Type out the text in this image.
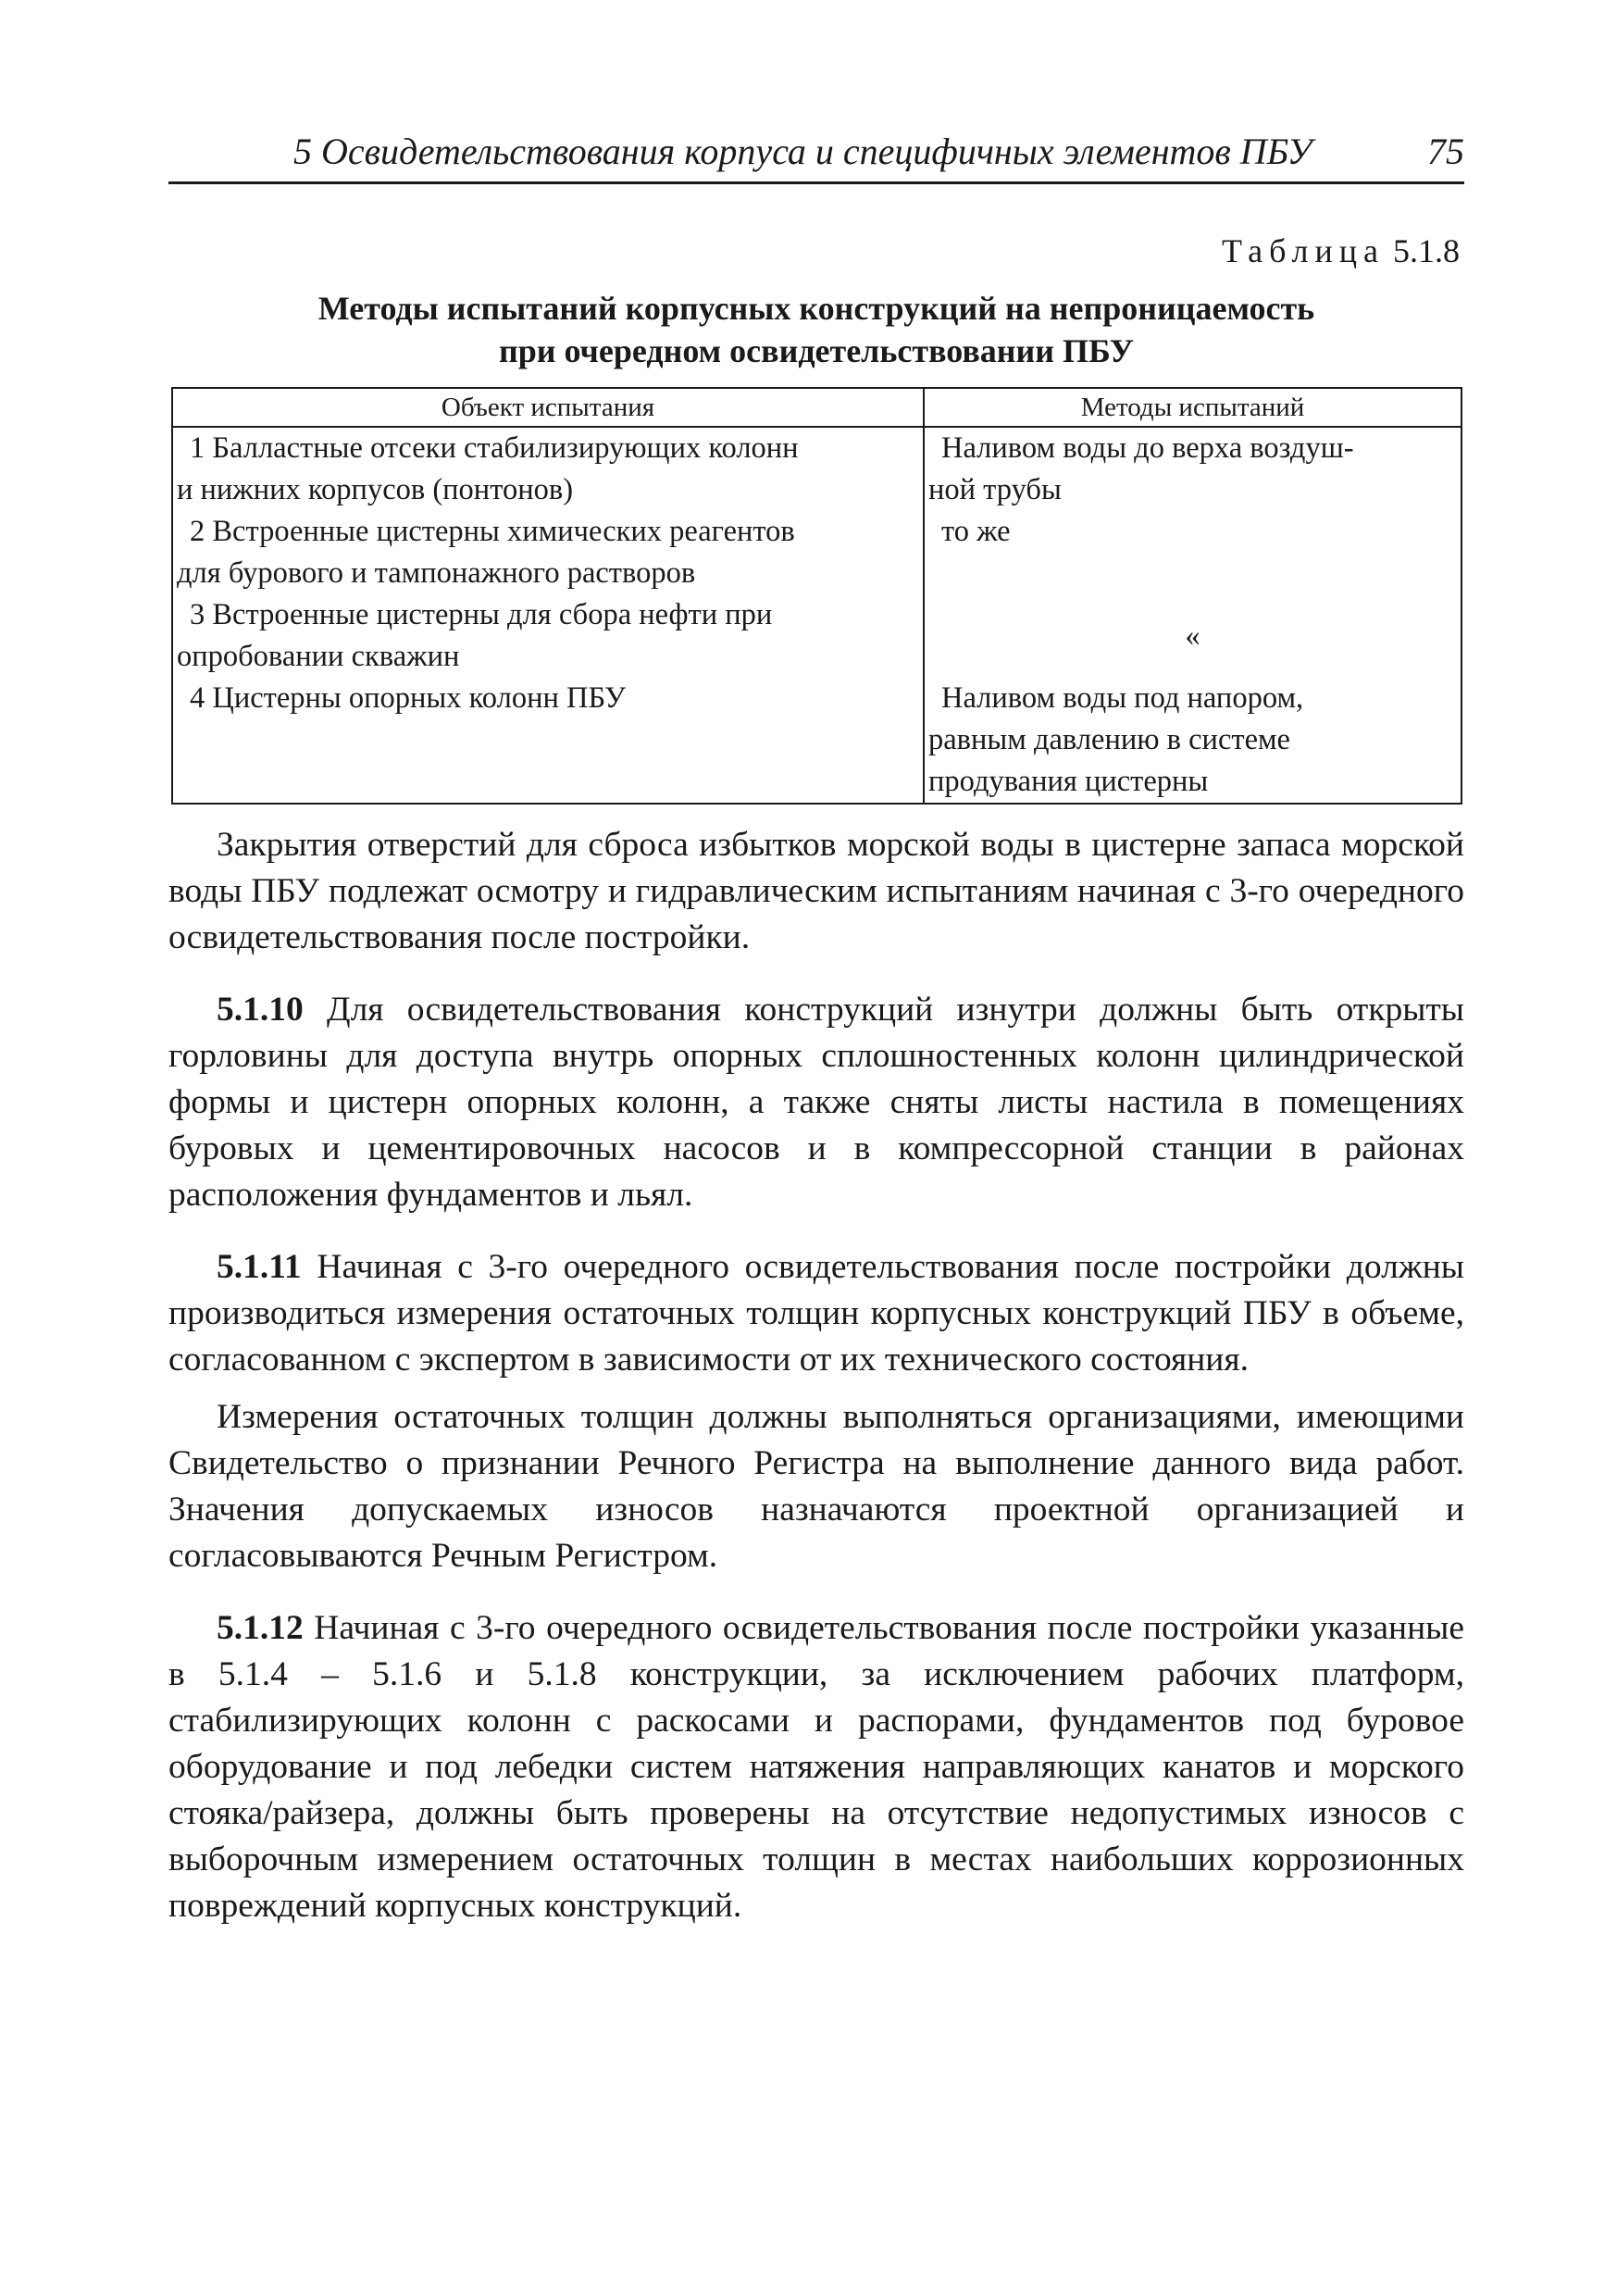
5 Освидетельствования корпуса и специфичных элементов ПБУ	75
Таблица 5.1.8
Методы испытаний корпусных конструкций на непроницаемость
при очередном освидетельствовании ПБУ
Объект испытания	Методы испытаний

1 Балластные отсеки стабилизирующих колонн
и нижних корпусов (понтонов)	Наливом воды до верха воздуш-
ной трубы

2 Встроенные цистерны химических реагентов
для бурового и тампонажного растворов	то же

3 Встроенные цистерны для сбора нефти при
опробовании скважин	«

4 Цистерны опорных колонн ПБУ	Наливом воды под напором,
равным давлению в системе
продувания цистерны

Закрытия отверстий для сброса избытков морской воды в цистерне запаса морской воды ПБУ подлежат осмотру и гидравлическим испытаниям начиная с 3-го очередного освидетельствования после постройки.

5.1.10 Для освидетельствования конструкций изнутри должны быть открыты горловины для доступа внутрь опорных сплошностенных колонн цилиндрической формы и цистерн опорных колонн, а также сняты листы настила в помещениях буровых и цементировочных насосов и в компрессорной станции в районах расположения фундаментов и льял.

5.1.11 Начиная с 3-го очередного освидетельствования после постройки должны производиться измерения остаточных толщин корпусных конструкций ПБУ в объеме, согласованном с экспертом в зависимости от их технического состояния.

Измерения остаточных толщин должны выполняться организациями, имеющими Свидетельство о признании Речного Регистра на выполнение данного вида работ. Значения допускаемых износов назначаются проектной организацией и согласовываются Речным Регистром.

5.1.12 Начиная с 3-го очередного освидетельствования после постройки указанные в 5.1.4 – 5.1.6 и 5.1.8 конструкции, за исключением рабочих платформ, стабилизирующих колонн с раскосами и распорами, фундаментов под буровое оборудование и под лебедки систем натяжения направляющих канатов и морского стояка/райзера, должны быть проверены на отсутствие недопустимых износов с выборочным измерением остаточных толщин в местах наибольших коррозионных повреждений корпусных конструкций.
